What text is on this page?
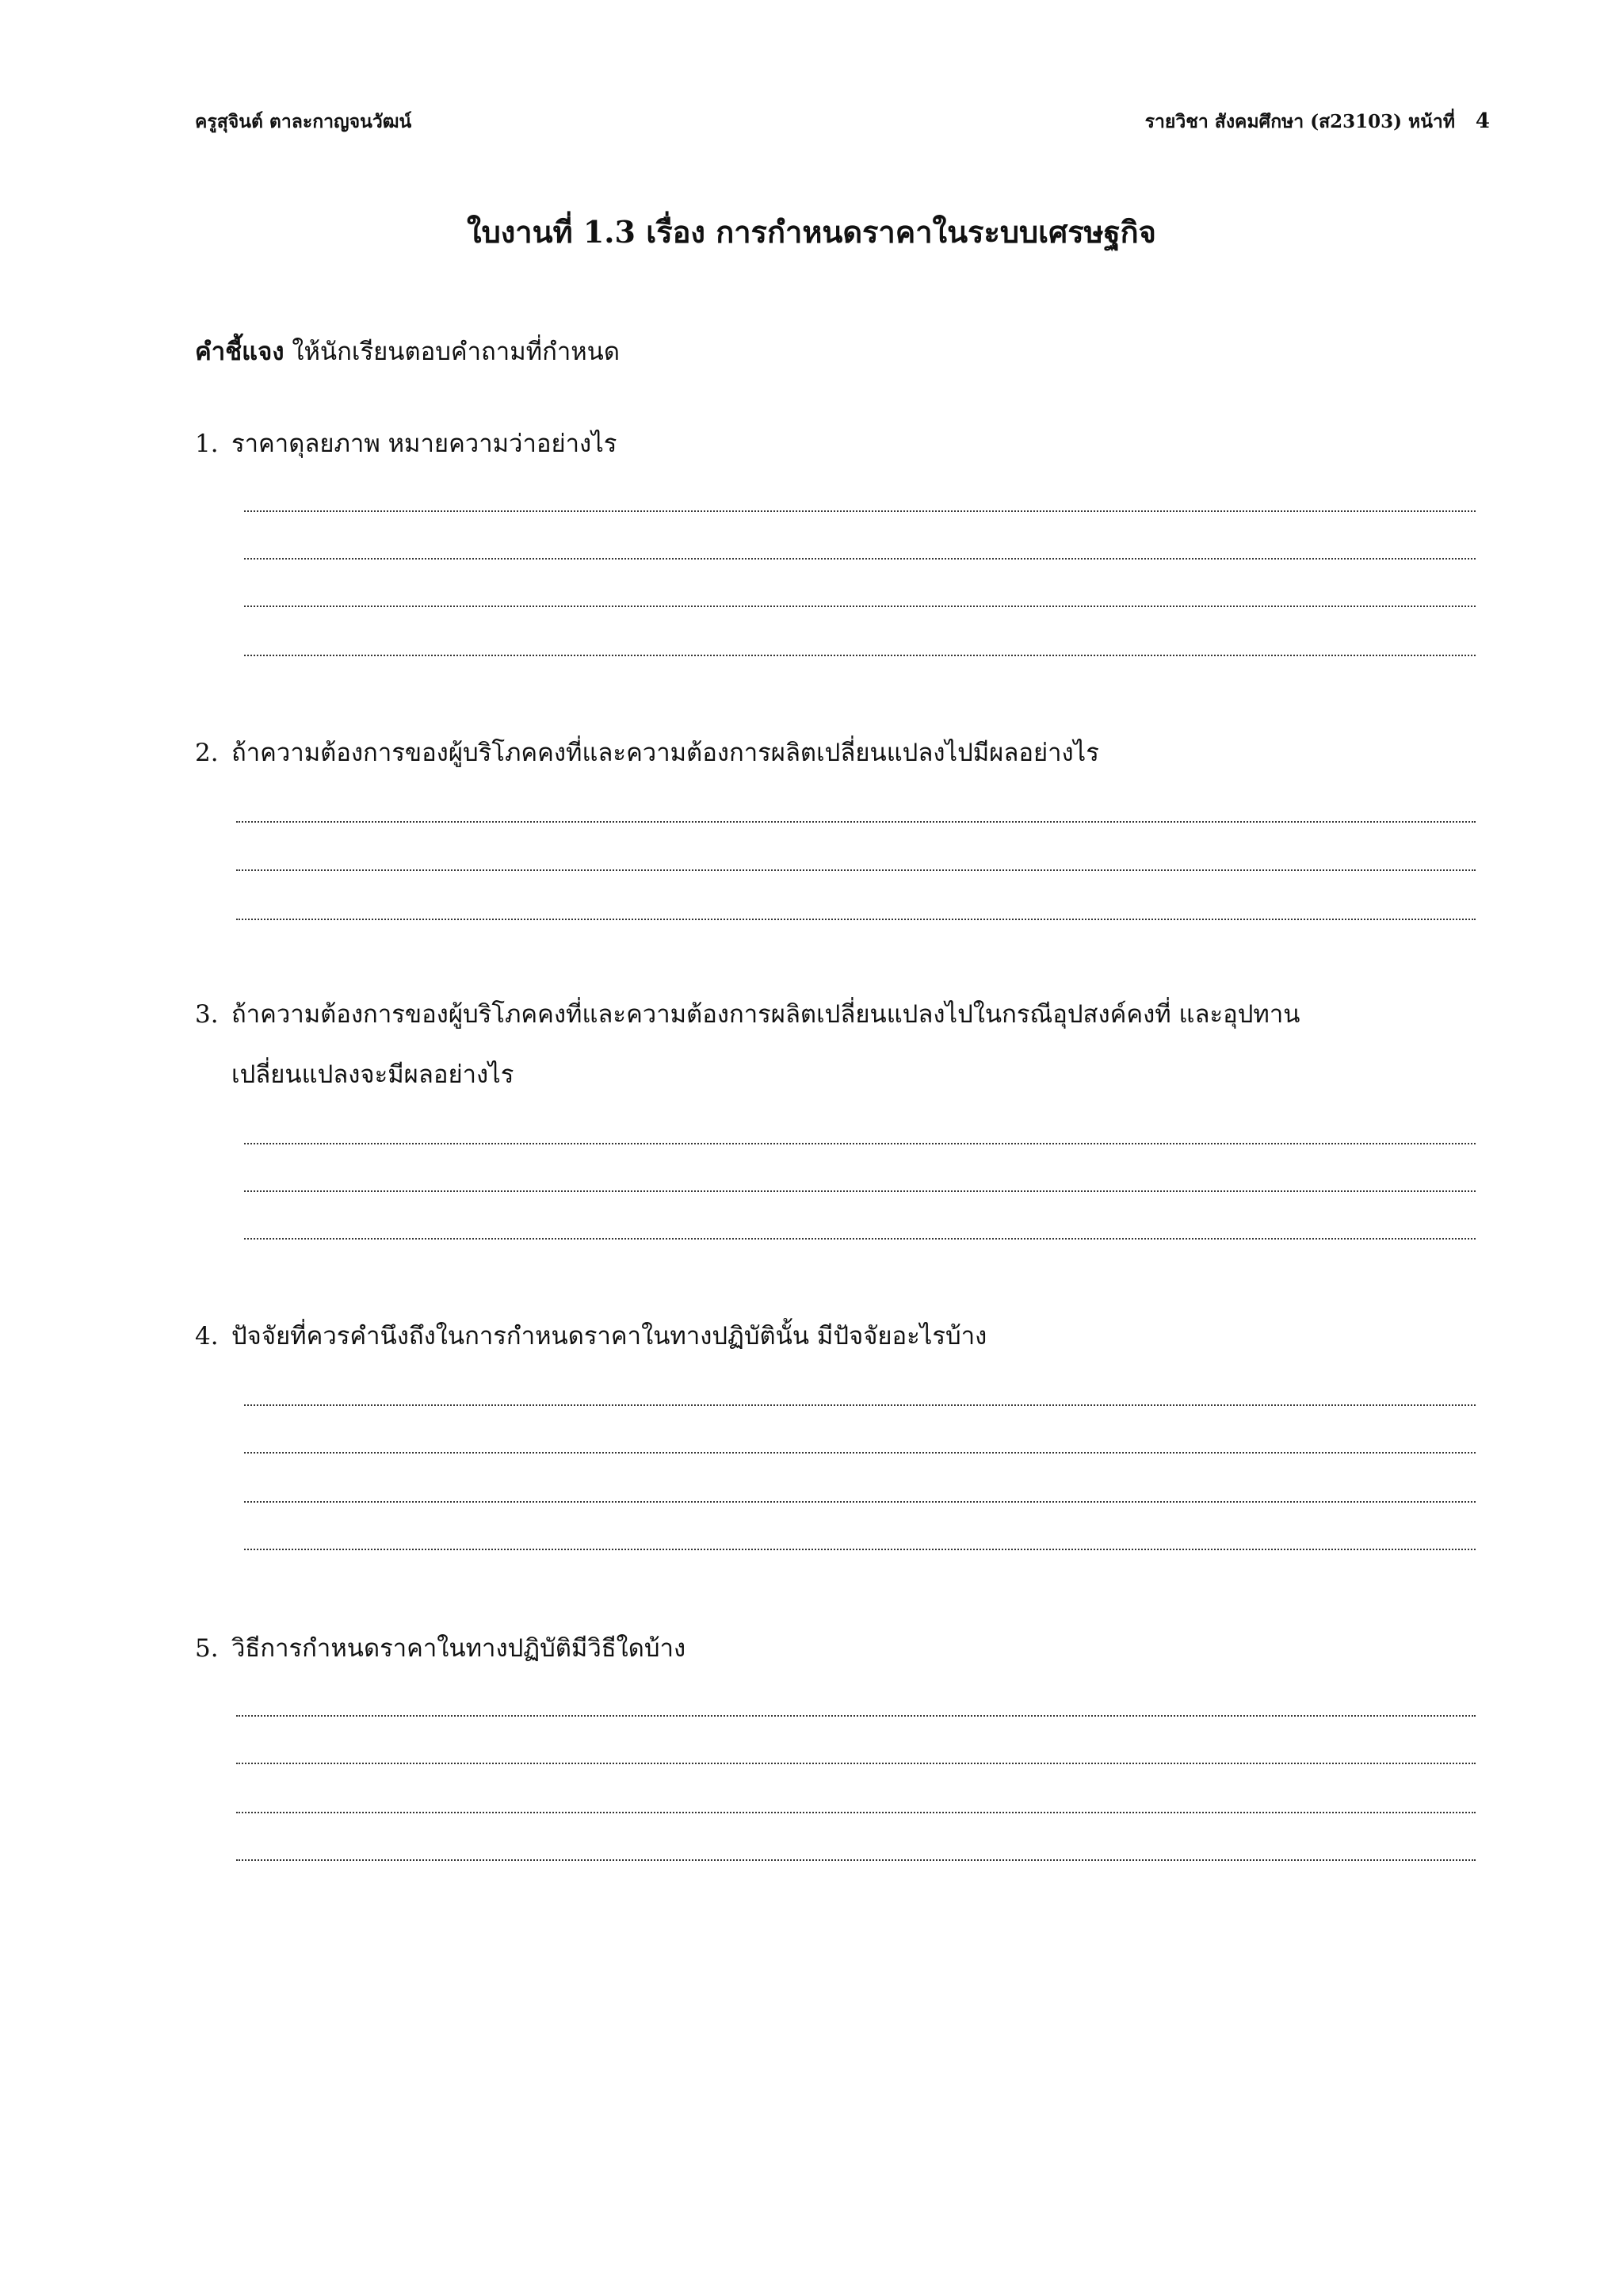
ครูสุจินต์ ตาละกาญจนวัฒน์	รายวิชา สังคมศึกษา (ส23103) หน้าที่ 4
ใบงานที่ 1.3 เรื่อง การกำหนดราคาในระบบเศรษฐกิจ
คำชี้แจง ให้นักเรียนตอบคำถามที่กำหนด
1. ราคาดุลยภาพ หมายความว่าอย่างไร
2. ถ้าความต้องการของผู้บริโภคคงที่และความต้องการผลิตเปลี่ยนแปลงไปมีผลอย่างไร
3. ถ้าความต้องการของผู้บริโภคคงที่และความต้องการผลิตเปลี่ยนแปลงไปในกรณีอุปสงค์คงที่ และอุปทาน
เปลี่ยนแปลงจะมีผลอย่างไร
4. ปัจจัยที่ควรคำนึงถึงในการกำหนดราคาในทางปฏิบัตินั้น มีปัจจัยอะไรบ้าง
5. วิธีการกำหนดราคาในทางปฏิบัติมีวิธีใดบ้าง
